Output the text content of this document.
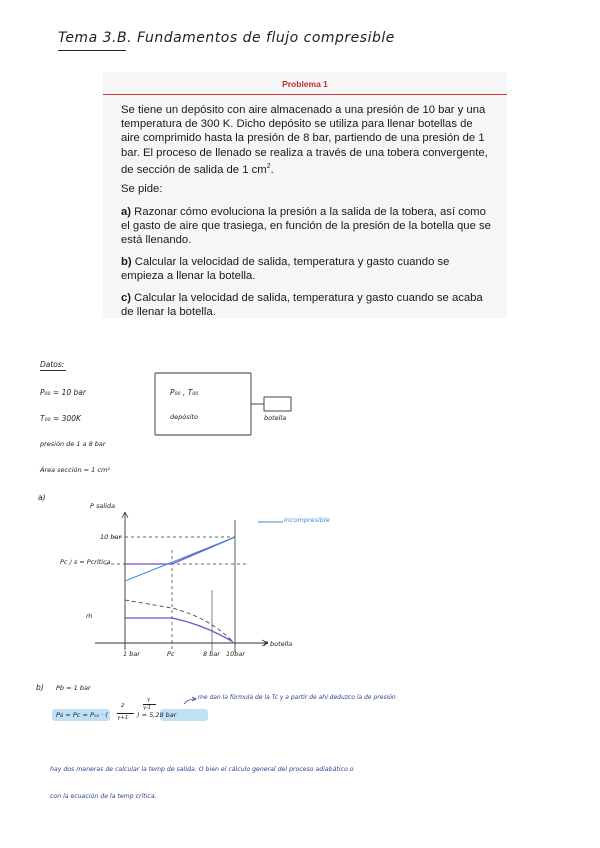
Tema 3.B. Fundamentos de flujo compresible
Problema 1
Se tiene un depósito con aire almacenado a una presión de 10 bar y una temperatura de 300 K. Dicho depósito se utiliza para llenar botellas de aire comprimido hasta la presión de 8 bar, partiendo de una presión de 1 bar. El proceso de llenado se realiza a través de una tobera convergente, de sección de salida de 1 $cm^2$.
Se pide:
a) Razonar cómo evoluciona la presión a la salida de la tobera, así como el gasto de aire que trasiega, en función de la presión de la botella que se está llenando.
b) Calcular la velocidad de salida, temperatura y gasto cuando se empieza a llenar la botella.
c) Calcular la velocidad de salida, temperatura y gasto cuando se acaba de llenar la botella.
Datos:
P₀₀ = 10 bar
T₀₀ = 300K
presión de 1 a 8 bar
Área sección = 1 cm²
P₀₀ , T₀₀
depósito	botella
a)
P salida
incompresible
10 bar
Pc / s = Pcrítica
ṁ
1 bar	Pc	8 bar 10bar
P botella
b) Pb = 1 bar
me dan la fórmula de la Tc y a partir de ahí deduzco la de presión
Ps = Pc = P₀₀ · (
2
γ+1
γ
γ-1
) = 5,28 bar
hay dos maneras de calcular la temp de salida. O bien el cálculo general del proceso adiabático o
con la ecuación de la temp crítica.
